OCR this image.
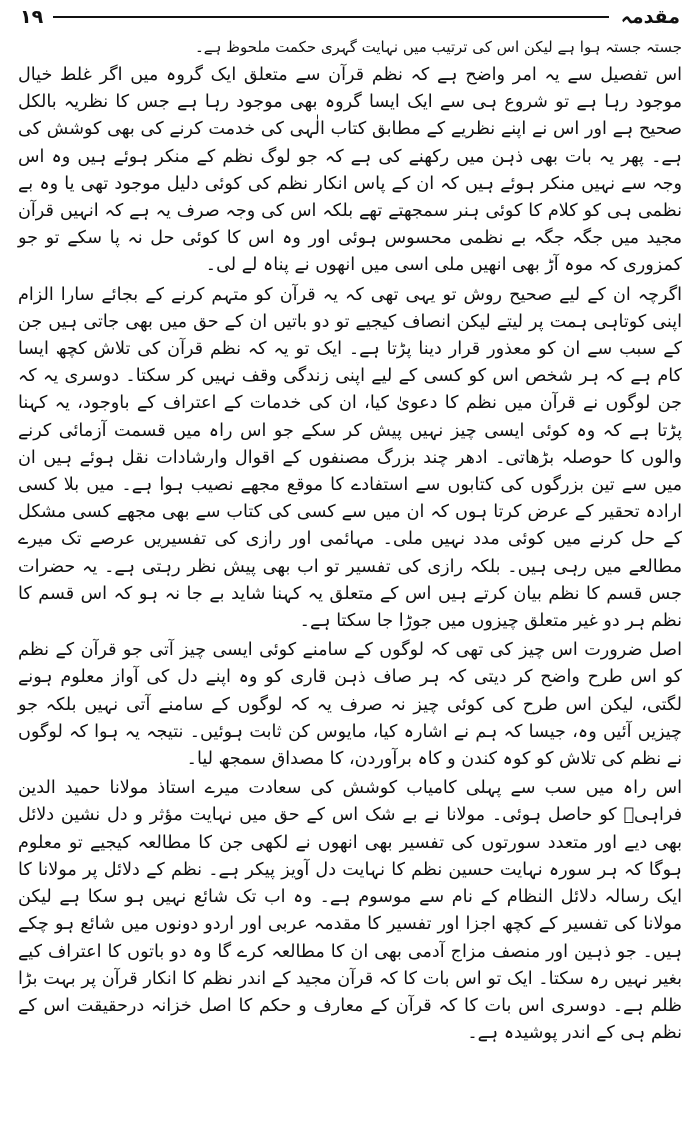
مقدمہ
۱۹

جستہ جستہ ہوا ہے لیکن اس کی ترتیب میں نہایت گہری حکمت ملحوظ ہے۔

اس تفصیل سے یہ امر واضح ہے کہ نظم قرآن سے متعلق ایک گروہ میں اگر غلط خیال موجود رہا ہے تو شروع ہی سے ایک ایسا گروہ بھی موجود رہا ہے جس کا نظریہ بالکل صحیح ہے اور اس نے اپنے نظریے کے مطابق کتاب الٰہی کی خدمت کرنے کی بھی کوشش کی ہے۔ پھر یہ بات بھی ذہن میں رکھنے کی ہے کہ جو لوگ نظم کے منکر ہوئے ہیں وہ اس وجہ سے نہیں منکر ہوئے ہیں کہ ان کے پاس انکار نظم کی کوئی دلیل موجود تھی یا وہ بے نظمی ہی کو کلام کا کوئی ہنر سمجھتے تھے بلکہ اس کی وجہ صرف یہ ہے کہ انہیں قرآن مجید میں جگہ جگہ بے نظمی محسوس ہوئی اور وہ اس کا کوئی حل نہ پا سکے تو جو کمزوری کہ موہ آڑ بھی انھیں ملی اسی میں انھوں نے پناہ لے لی۔

اگرچہ ان کے لیے صحیح روش تو یہی تھی کہ یہ قرآن کو متہم کرنے کے بجائے سارا الزام اپنی کوتاہی ہمت پر لیتے لیکن انصاف کیجیے تو دو باتیں ان کے حق میں بھی جاتی ہیں جن کے سبب سے ان کو معذور قرار دینا پڑتا ہے۔ ایک تو یہ کہ نظم قرآن کی تلاش کچھ ایسا کام ہے کہ ہر شخص اس کو کسی کے لیے اپنی زندگی وقف نہیں کر سکتا۔ دوسری یہ کہ جن لوگوں نے قرآن میں نظم کا دعویٰ کیا، ان کی خدمات کے اعتراف کے باوجود، یہ کہنا پڑتا ہے کہ وہ کوئی ایسی چیز نہیں پیش کر سکے جو اس راہ میں قسمت آزمائی کرنے والوں کا حوصلہ بڑھاتی۔ ادھر چند بزرگ مصنفوں کے اقوال وارشادات نقل ہوئے ہیں ان میں سے تین بزرگوں کی کتابوں سے استفادے کا موقع مجھے نصیب ہوا ہے۔ میں بلا کسی ارادہ تحقیر کے عرض کرتا ہوں کہ ان میں سے کسی کی کتاب سے بھی مجھے کسی مشکل کے حل کرنے میں کوئی مدد نہیں ملی۔ مہائمی اور رازی کی تفسیریں عرصے تک میرے مطالعے میں رہی ہیں۔ بلکہ رازی کی تفسیر تو اب بھی پیش نظر رہتی ہے۔ یہ حضرات جس قسم کا نظم بیان کرتے ہیں اس کے متعلق یہ کہنا شاید بے جا نہ ہو کہ اس قسم کا نظم ہر دو غیر متعلق چیزوں میں جوڑا جا سکتا ہے۔

اصل ضرورت اس چیز کی تھی کہ لوگوں کے سامنے کوئی ایسی چیز آتی جو قرآن کے نظم کو اس طرح واضح کر دیتی کہ ہر صاف ذہن قاری کو وہ اپنے دل کی آواز معلوم ہونے لگتی، لیکن اس طرح کی کوئی چیز نہ صرف یہ کہ لوگوں کے سامنے آتی نہیں بلکہ جو چیزیں آئیں وہ، جیسا کہ ہم نے اشارہ کیا، مایوس کن ثابت ہوئیں۔ نتیجہ یہ ہوا کہ لوگوں نے نظم کی تلاش کو کوہ کندن و کاہ برآوردن، کا مصداق سمجھ لیا۔

اس راہ میں سب سے پہلی کامیاب کوشش کی سعادت میرے استاذ مولانا حمید الدین فراہیؒ کو حاصل ہوئی۔ مولانا نے بے شک اس کے حق میں نہایت مؤثر و دل نشین دلائل بھی دیے اور متعدد سورتوں کی تفسیر بھی انھوں نے لکھی جن کا مطالعہ کیجیے تو معلوم ہوگا کہ ہر سورہ نہایت حسین نظم کا نہایت دل آویز پیکر ہے۔ نظم کے دلائل پر مولانا کا ایک رسالہ دلائل النظام کے نام سے موسوم ہے۔ وہ اب تک شائع نہیں ہو سکا ہے لیکن مولانا کی تفسیر کے کچھ اجزا اور تفسیر کا مقدمہ عربی اور اردو دونوں میں شائع ہو چکے ہیں۔ جو ذہین اور منصف مزاج آدمی بھی ان کا مطالعہ کرے گا وہ دو باتوں کا اعتراف کیے بغیر نہیں رہ سکتا۔ ایک تو اس بات کا کہ قرآن مجید کے اندر نظم کا انکار قرآن پر بہت بڑا ظلم ہے۔ دوسری اس بات کا کہ قرآن کے معارف و حکم کا اصل خزانہ درحقیقت اس کے نظم ہی کے اندر پوشیدہ ہے۔
